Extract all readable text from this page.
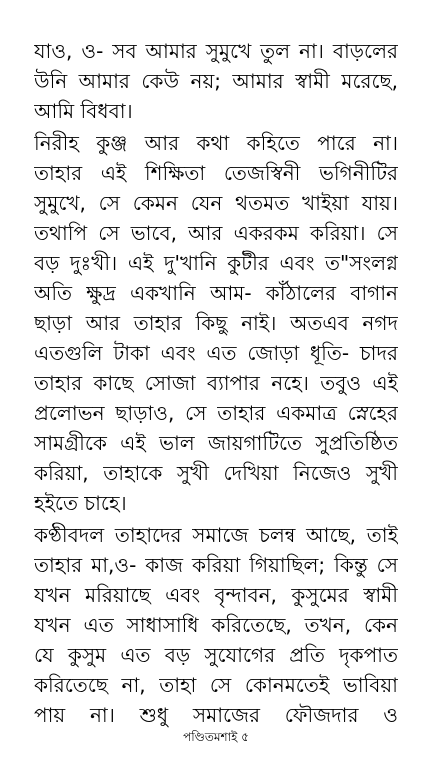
যাও, ও- সব আমার সুমুখে তুল না। বাড়লের
উনি আমার কেউ নয়; আমার স্বামী মরেছে,
আমি বিধবা।
নিরীহ কুঞ্জ আর কথা কহিতে পারে না।
তাহার এই শিক্ষিতা তেজস্বিনী ভগিনীটির
সুমুখে, সে কেমন যেন থতমত খাইয়া যায়।
তথাপি সে ভাবে, আর একরকম করিয়া। সে
বড় দুঃখী। এই দু'খানি কুটীর এবং ত"সংলগ্ন
অতি ক্ষুদ্র একখানি আম- কাঁঠালের বাগান
ছাড়া আর তাহার কিছু নাই। অতএব নগদ
এতগুলি টাকা এবং এত জোড়া ধূতি- চাদর
তাহার কাছে সোজা ব্যাপার নহে। তবুও এই
প্রলোভন ছাড়াও, সে তাহার একমাত্র স্নেহের
সামগ্রীকে এই ভাল জায়গাটিতে সুপ্রতিষ্ঠিত
করিয়া, তাহাকে সুখী দেখিয়া নিজেও সুখী
হইতে চাহে।
কণ্ঠীবদল তাহাদের সমাজে চলন্ব আছে, তাই
তাহার মা,ও- কাজ করিয়া গিয়াছিল; কিন্তু সে
যখন মরিয়াছে এবং বৃন্দাবন, কুসুমের স্বামী
যখন এত সাধাসাধি করিতেছে, তখন, কেন
যে কুসুম এত বড় সুযোগের প্রতি দৃকপাত
করিতেছে না, তাহা সে কোনমতেই ভাবিয়া
পায় না। শুধু সমাজের ফৌজদার ও
পণ্ডিতমশাই ৫
